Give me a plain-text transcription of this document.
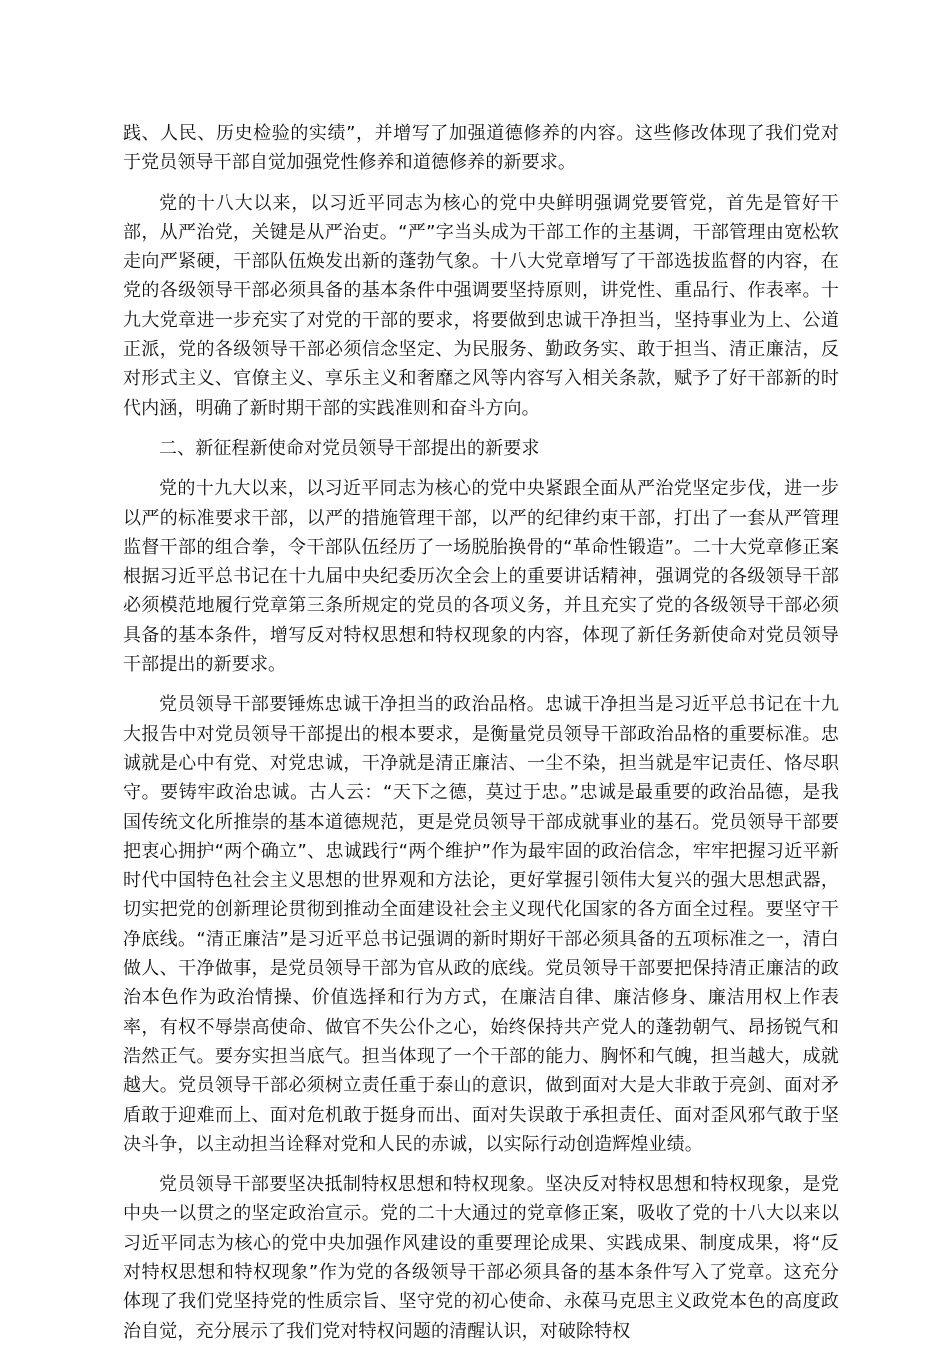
践、人民、历史检验的实绩”，并增写了加强道德修养的内容。这些修改体现了我们党对于党员领导干部自觉加强党性修养和道德修养的新要求。

党的十八大以来，以习近平同志为核心的党中央鲜明强调党要管党，首先是管好干部，从严治党，关键是从严治吏。“严”字当头成为干部工作的主基调，干部管理由宽松软走向严紧硬，干部队伍焕发出新的蓬勃气象。十八大党章增写了干部选拔监督的内容，在党的各级领导干部必须具备的基本条件中强调要坚持原则，讲党性、重品行、作表率。十九大党章进一步充实了对党的干部的要求，将要做到忠诚干净担当，坚持事业为上、公道正派，党的各级领导干部必须信念坚定、为民服务、勤政务实、敢于担当、清正廉洁，反对形式主义、官僚主义、享乐主义和奢靡之风等内容写入相关条款，赋予了好干部新的时代内涵，明确了新时期干部的实践准则和奋斗方向。

二、新征程新使命对党员领导干部提出的新要求

党的十九大以来，以习近平同志为核心的党中央紧跟全面从严治党坚定步伐，进一步以严的标准要求干部，以严的措施管理干部，以严的纪律约束干部，打出了一套从严管理监督干部的组合拳，令干部队伍经历了一场脱胎换骨的“革命性锻造”。二十大党章修正案根据习近平总书记在十九届中央纪委历次全会上的重要讲话精神，强调党的各级领导干部必须模范地履行党章第三条所规定的党员的各项义务，并且充实了党的各级领导干部必须具备的基本条件，增写反对特权思想和特权现象的内容，体现了新任务新使命对党员领导干部提出的新要求。

党员领导干部要锤炼忠诚干净担当的政治品格。忠诚干净担当是习近平总书记在十九大报告中对党员领导干部提出的根本要求，是衡量党员领导干部政治品格的重要标准。忠诚就是心中有党、对党忠诚，干净就是清正廉洁、一尘不染，担当就是牢记责任、恪尽职守。要铸牢政治忠诚。古人云：“天下之德，莫过于忠。”忠诚是最重要的政治品德，是我国传统文化所推崇的基本道德规范，更是党员领导干部成就事业的基石。党员领导干部要把衷心拥护“两个确立”、忠诚践行“两个维护”作为最牢固的政治信念，牢牢把握习近平新时代中国特色社会主义思想的世界观和方法论，更好掌握引领伟大复兴的强大思想武器，切实把党的创新理论贯彻到推动全面建设社会主义现代化国家的各方面全过程。要坚守干净底线。“清正廉洁”是习近平总书记强调的新时期好干部必须具备的五项标准之一，清白做人、干净做事，是党员领导干部为官从政的底线。党员领导干部要把保持清正廉洁的政治本色作为政治情操、价值选择和行为方式，在廉洁自律、廉洁修身、廉洁用权上作表率，有权不辱崇高使命、做官不失公仆之心，始终保持共产党人的蓬勃朝气、昂扬锐气和浩然正气。要夯实担当底气。担当体现了一个干部的能力、胸怀和气魄，担当越大，成就越大。党员领导干部必须树立责任重于泰山的意识，做到面对大是大非敢于亮剑、面对矛盾敢于迎难而上、面对危机敢于挺身而出、面对失误敢于承担责任、面对歪风邪气敢于坚决斗争，以主动担当诠释对党和人民的赤诚，以实际行动创造辉煌业绩。

党员领导干部要坚决抵制特权思想和特权现象。坚决反对特权思想和特权现象，是党中央一以贯之的坚定政治宣示。党的二十大通过的党章修正案，吸收了党的十八大以来以习近平同志为核心的党中央加强作风建设的重要理论成果、实践成果、制度成果，将“反对特权思想和特权现象”作为党的各级领导干部必须具备的基本条件写入了党章。这充分体现了我们党坚持党的性质宗旨、坚守党的初心使命、永葆马克思主义政党本色的高度政治自觉，充分展示了我们党对特权问题的清醒认识，对破除特权
